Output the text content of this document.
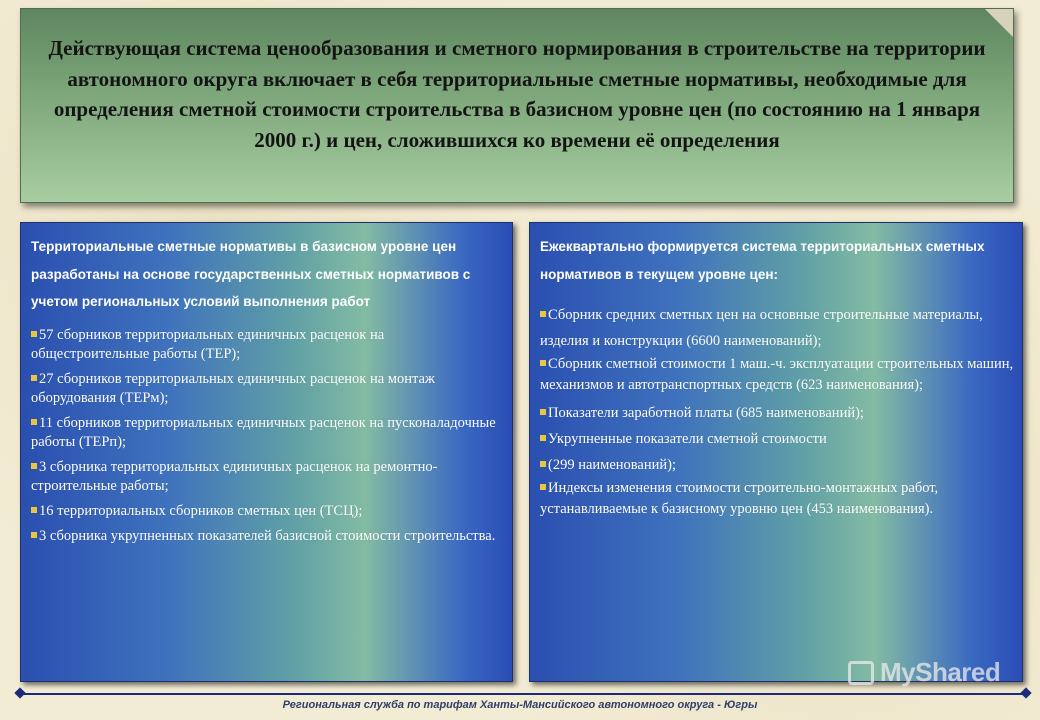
Действующая система ценообразования и сметного нормирования в строительстве на территории автономного округа включает в себя территориальные сметные нормативы, необходимые для определения сметной стоимости строительства в базисном уровне цен (по состоянию на 1 января 2000 г.) и цен, сложившихся ко времени её определения
Территориальные сметные нормативы в базисном уровне цен разработаны на основе государственных сметных нормативов с учетом региональных условий выполнения работ
57 сборников территориальных единичных расценок на общестроительные работы (ТЕР);
27 сборников территориальных единичных расценок на монтаж оборудования (ТЕРм);
11 сборников территориальных единичных расценок на пусконаладочные работы (ТЕРп);
3 сборника территориальных единичных расценок на ремонтно-строительные работы;
16 территориальных сборников сметных цен (ТСЦ);
3 сборника укрупненных показателей базисной стоимости строительства.
Ежеквартально формируется система территориальных сметных нормативов в текущем уровне цен:
Сборник средних сметных цен на основные строительные материалы, изделия и конструкции (6600 наименований);
Сборник сметной стоимости 1 маш.-ч. эксплуатации строительных машин, механизмов и автотранспортных средств (623 наименования);
Показатели заработной платы (685 наименований);
Укрупненные показатели сметной стоимости
(299 наименований);
Индексы изменения стоимости строительно-монтажных работ, устанавливаемые к базисному уровню цен (453 наименования).
MyShared
Региональная служба по тарифам Ханты-Мансийского автономного округа - Югры
